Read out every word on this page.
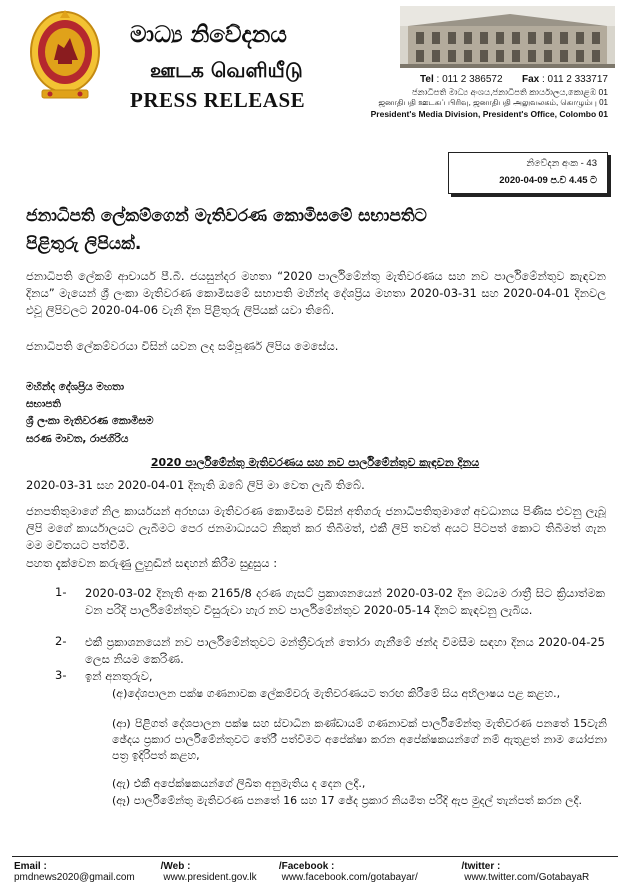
මාධ්‍ය නිවේදනය
ஊடக வெளியீடு
PRESS RELEASE
Tel : 011 2 386572 Fax : 011 2 333717
ජනාධිපති මාධ්‍ය අංශය,ජනාධිපති කාර්යාලය,කොළඹ 01
ஜனாதிபதி ஊடகப் பிரிவு, ஜனாதிபதி அலுவலகம், கொழும்பு 01
President's Media Division, President's Office, Colombo 01
නිවේදන අංක - 43
2020-04-09 ප.ව 4.45 ට
ජනාධිපති ලේකම්ගෙන් මැතිවරණ කොමිසමේ සභාපතිට
පිළිතුරු ලිපියක්.
ජනාධිපති ලේකම් ආචාර්ය පී.බී. ජයසුන්දර මහතා “2020 පාර්ලිමේන්තු මැතිවරණය සහ නව පාර්ලිමේන්තුව කැඳවන දිනය” මැයෙන් ශ්‍රී ලංකා මැතිවරණ කොමිසමේ සභාපති මහින්ද දේශප්‍රිය මහතා 2020-03-31 සහ 2020-04-01 දිනවල එවූ ලිපිවලට 2020-04-06 වැනි දින පිළිතුරු ලිපියක් යවා තිබේ.
ජනාධිපති ලේකම්වරයා විසින් යවන ලද සම්පූර්ණ ලිපිය මෙසේය.
මහින්ද දේශප්‍රිය මහතා
සභාපති
ශ්‍රී ලංකා මැතිවරණ කොමිසම
සරණ මාවත, රාජගිරිය
2020 පාර්ලිමේන්තු මැතිවරණය සහ නව පාර්ලිමේන්තුව කැඳවන දිනය
2020-03-31 සහ 2020-04-01 දිනැති ඔබේ ලිපි මා වෙත ලැබී තිබේ.
ජනපතිතුමාගේ නිල කාර්යයන් අරභයා මැතිවරණ කොමිසම විසින් අතිගරු ජනාධිපතිතුමාගේ අවධානය පිණිස එවනු ලැබූ ලිපි මගේ කාර්යාලයට ලැබීමට පෙර ජනමාධ්‍යයට නිකුත් කර තිබීමත්, එකී ලිපි තවත් අයට පිටපත් කොට තිබීමත් ගැන මම මවිතයට පත්වීමි.
පහත දැක්වෙන කරුණු ලුහුඬින් සඳහන් කිරීම සුදුසුය :
1- 2020-03-02 දිනැති අංක 2165/8 දරණ ගැසට් ප්‍රකාශනයෙන් 2020-03-02 දින මධ්‍යම රාත්‍රී සිට ක්‍රියාත්මක වන පරිදි පාර්ලිමේන්තුව විසුරුවා හැර නව පාර්ලිමේන්තුව 2020-05-14 දිනට කැඳවනු ලැබිය.
2- එකී ප්‍රකාශනයෙන් නව පාර්ලිමේන්තුවට මන්ත්‍රීවරුන් තෝරා ගැනීමේ ඡන්ද විමසීම සඳහා දිනය 2020-04-25 ලෙස නියම කෙරිණ.
3- ඉන් අනතුරුව,
(අ)දේශපාලන පක්ෂ ගණනාවක ලේකම්වරු මැතිවරණයට තරඟ කිරීමේ සිය අභිලාෂය පළ කළහ.,
(ආ) පිළිගත් දේශපාලන පක්ෂ සහ ස්වාධීන කණ්ඩායම් ගණනාවක් පාර්ලිමේන්තු මැතිවරණ පනතේ 15වැනි ඡේදය ප්‍රකාර පාර්ලිමේන්තුවට තේරී පත්වීමට අපේක්ෂා කරන අපේක්ෂකයන්ගේ නම් ඇතුළත් නාම යෝජනා පත්‍ර ඉදිරිපත් කළහ,
(ඇ) එකී අපේක්ෂකයන්ගේ ලිඛිත අනුමැතිය ද දෙන ලදී.,
(ඈ) පාර්ලිමේන්තු මැතිවරණ පනතේ 16 සහ 17 ඡේද ප්‍රකාර නියමිත පරිදි ඇප මුදල් තැන්පත් කරන ලදී.
Email : pmdnews2020@gmail.com
/ Web : www.president.gov.lk
/ Facebook : www.facebook.com/gotabayar/
/ twitter : www.twitter.com/GotabayaR
